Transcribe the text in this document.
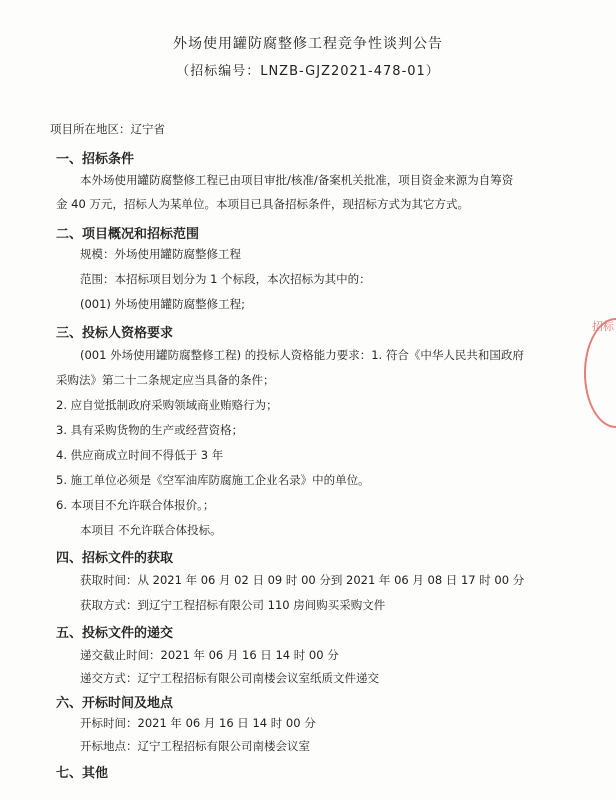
外场使用罐防腐整修工程竞争性谈判公告
（招标编号：LNZB-GJZ2021-478-01）
项目所在地区：辽宁省
一、招标条件
本外场使用罐防腐整修工程已由项目审批/核准/备案机关批准，项目资金来源为自筹资
金 40 万元，招标人为某单位。本项目已具备招标条件，现招标方式为其它方式。
二、项目概况和招标范围
规模：外场使用罐防腐整修工程
范围：本招标项目划分为 1 个标段，本次招标为其中的：
(001) 外场使用罐防腐整修工程;
三、投标人资格要求
(001 外场使用罐防腐整修工程) 的投标人资格能力要求：1. 符合《中华人民共和国政府
采购法》第二十二条规定应当具备的条件；
2. 应自觉抵制政府采购领域商业贿赂行为；
3. 具有采购货物的生产或经营资格；
4. 供应商成立时间不得低于 3 年
5. 施工单位必须是《空军油库防腐施工企业名录》中的单位。
6. 本项目不允许联合体报价。；
本项目 不允许联合体投标。
四、招标文件的获取
获取时间：从 2021 年 06 月 02 日 09 时 00 分到 2021 年 06 月 08 日 17 时 00 分
获取方式：到辽宁工程招标有限公司 110 房间购买采购文件
五、投标文件的递交
递交截止时间：2021 年 06 月 16 日 14 时 00 分
递交方式：辽宁工程招标有限公司南楼会议室纸质文件递交
六、开标时间及地点
开标时间：2021 年 06 月 16 日 14 时 00 分
开标地点：辽宁工程招标有限公司南楼会议室
七、其他
招标
